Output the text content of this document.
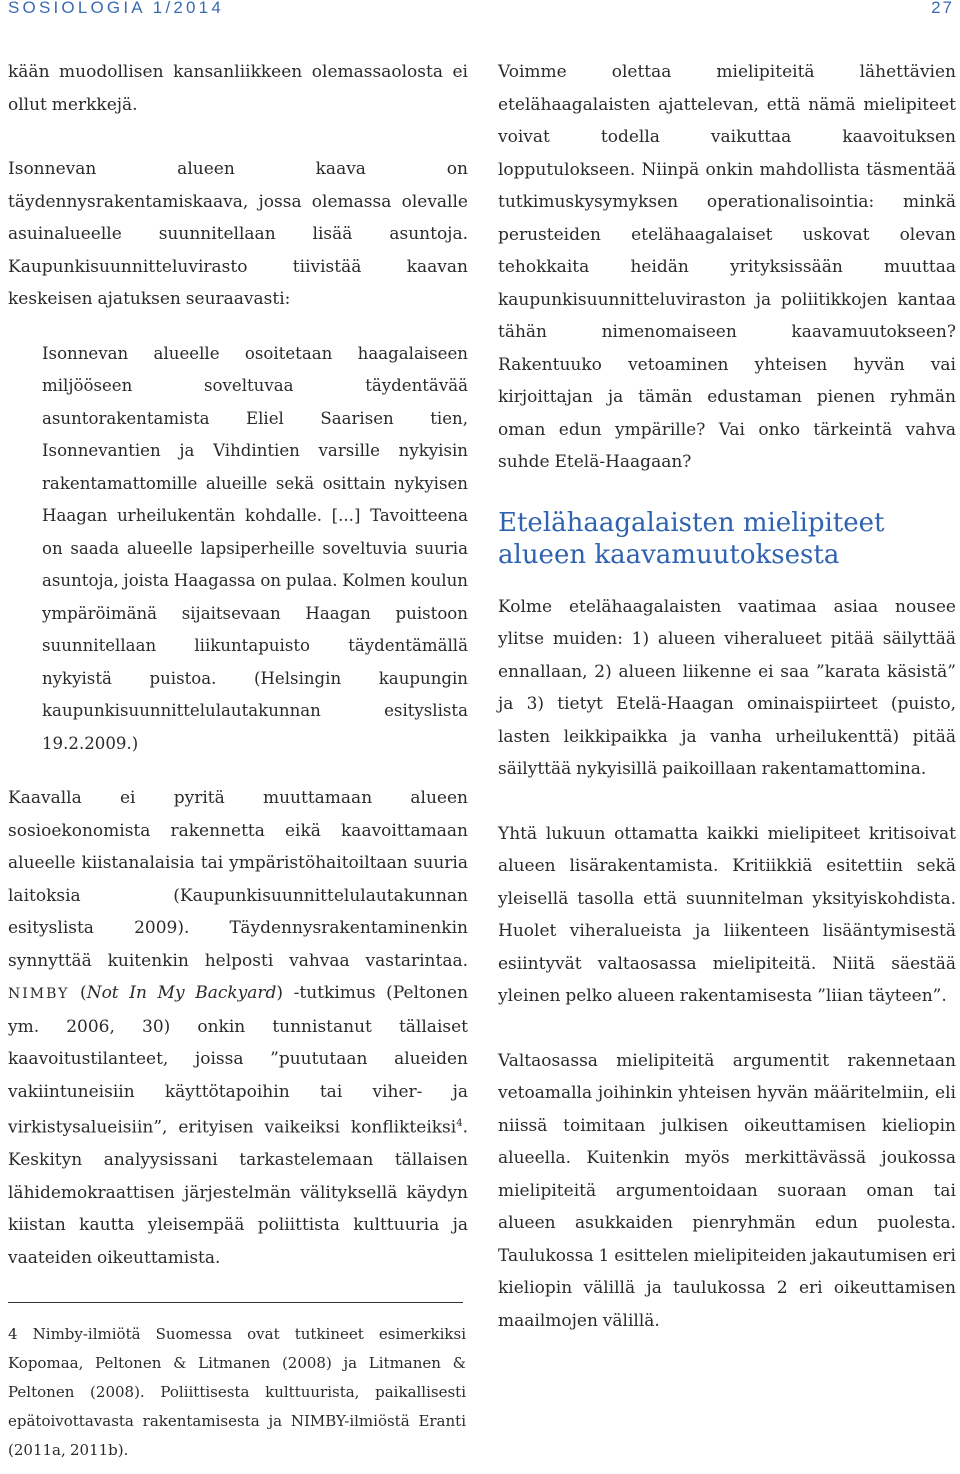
SOSIOLOGIA 1/2014	27

kään muodollisen kansanliikkeen olemassaolosta ei ollut merkkejä.

Isonnevan alueen kaava on täydennysrakentamiskaava, jossa olemassa olevalle asuinalueelle suunnitellaan lisää asuntoja. Kaupunkisuunnitteluvirasto tiivistää kaavan keskeisen ajatuksen seuraavasti:

Isonnevan alueelle osoitetaan haagalaiseen miljööseen soveltuvaa täydentävää asuntorakentamista Eliel Saarisen tien, Isonnevantien ja Vihdintien varsille nykyisin rakentamattomille alueille sekä osittain nykyisen Haagan urheilukentän kohdalle. [...] Tavoitteena on saada alueelle lapsiperheille soveltuvia suuria asuntoja, joista Haagassa on pulaa. Kolmen koulun ympäröimänä sijaitsevaan Haagan puistoon suunnitellaan liikuntapuisto täydentämällä nykyistä puistoa. (Helsingin kaupungin kaupunkisuunnittelulautakunnan esityslista 19.2.2009.)

Kaavalla ei pyritä muuttamaan alueen sosioekonomista rakennetta eikä kaavoittamaan alueelle kiistanalaisia tai ympäristöhaitoiltaan suuria laitoksia (Kaupunkisuunnittelulautakunnan esityslista 2009). Täydennysrakentaminenkin synnyttää kuitenkin helposti vahvaa vastarintaa. NIMBY (Not In My Backyard) -tutkimus (Peltonen ym. 2006, 30) onkin tunnistanut tällaiset kaavoitustilanteet, joissa ”puututaan alueiden vakiintuneisiin käyttötapoihin tai viher- ja virkistysalueisiin”, erityisen vaikeiksi konflikteiksi$^4$. Keskityn analyysissani tarkastelemaan tällaisen lähidemokraattisen järjestelmän välityksellä käydyn kiistan kautta yleisempää poliittista kulttuuria ja vaateiden oikeuttamista.

4 Nimby-ilmiötä Suomessa ovat tutkineet esimerkiksi Kopomaa, Peltonen & Litmanen (2008) ja Litmanen & Peltonen (2008). Poliittisesta kulttuurista, paikallisesti epätoivottavasta rakentamisesta ja NIMBY-ilmiöstä Eranti (2011a, 2011b).

Voimme olettaa mielipiteitä lähettävien etelähaagalaisten ajattelevan, että nämä mielipiteet voivat todella vaikuttaa kaavoituksen lopputulokseen. Niinpä onkin mahdollista täsmentää tutkimuskysymyksen operationalisointia: minkä perusteiden etelähaagalaiset uskovat olevan tehokkaita heidän yrityksissään muuttaa kaupunkisuunnitteluviraston ja poliitikkojen kantaa tähän nimenomaiseen kaavamuutokseen? Rakentuuko vetoaminen yhteisen hyvän vai kirjoittajan ja tämän edustaman pienen ryhmän oman edun ympärille? Vai onko tärkeintä vahva suhde Etelä-Haagaan?

Etelähaagalaisten mielipiteet alueen kaavamuutoksesta

Kolme etelähaagalaisten vaatimaa asiaa nousee ylitse muiden: 1) alueen viheralueet pitää säilyttää ennallaan, 2) alueen liikenne ei saa ”karata käsistä” ja 3) tietyt Etelä-Haagan ominaispiirteet (puisto, lasten leikkipaikka ja vanha urheilukenttä) pitää säilyttää nykyisillä paikoillaan rakentamattomina.

Yhtä lukuun ottamatta kaikki mielipiteet kritisoivat alueen lisärakentamista. Kritiikkiä esitettiin sekä yleisellä tasolla että suunnitelman yksityiskohdista. Huolet viheralueista ja liikenteen lisääntymisestä esiintyvät valtaosassa mielipiteitä. Niitä säestää yleinen pelko alueen rakentamisesta ”liian täyteen”.

Valtaosassa mielipiteitä argumentit rakennetaan vetoamalla joihinkin yhteisen hyvän määritelmiin, eli niissä toimitaan julkisen oikeuttamisen kieliopin alueella. Kuitenkin myös merkittävässä joukossa mielipiteitä argumentoidaan suoraan oman tai alueen asukkaiden pienryhmän edun puolesta. Taulukossa 1 esittelen mielipiteiden jakautumisen eri kieliopin välillä ja taulukossa 2 eri oikeuttamisen maailmojen välillä.
